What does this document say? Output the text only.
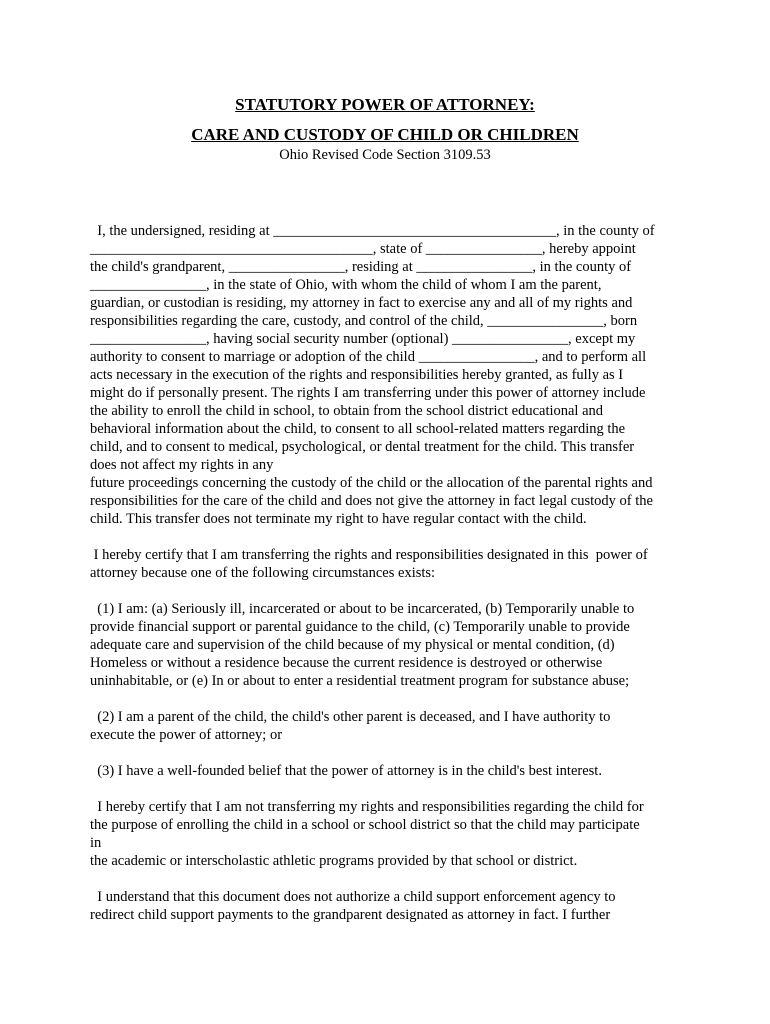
STATUTORY POWER OF ATTORNEY:

CARE AND CUSTODY OF CHILD OR CHILDREN

Ohio Revised Code Section 3109.53

I, the undersigned, residing at _______________________________________, in the county of
_______________________________________, state of ________________, hereby appoint
the child's grandparent, ________________, residing at ________________, in the county of
________________, in the state of Ohio, with whom the child of whom I am the parent,
guardian, or custodian is residing, my attorney in fact to exercise any and all of my rights and
responsibilities regarding the care, custody, and control of the child, ________________, born
________________, having social security number (optional) ________________, except my
authority to consent to marriage or adoption of the child ________________, and to perform all
acts necessary in the execution of the rights and responsibilities hereby granted, as fully as I
might do if personally present. The rights I am transferring under this power of attorney include
the ability to enroll the child in school, to obtain from the school district educational and
behavioral information about the child, to consent to all school-related matters regarding the
child, and to consent to medical, psychological, or dental treatment for the child. This transfer
does not affect my rights in any
future proceedings concerning the custody of the child or the allocation of the parental rights and
responsibilities for the care of the child and does not give the attorney in fact legal custody of the
child. This transfer does not terminate my right to have regular contact with the child.
I hereby certify that I am transferring the rights and responsibilities designated in this  power of
attorney because one of the following circumstances exists:
(1) I am: (a) Seriously ill, incarcerated or about to be incarcerated, (b) Temporarily unable to
provide financial support or parental guidance to the child, (c) Temporarily unable to provide
adequate care and supervision of the child because of my physical or mental condition, (d)
Homeless or without a residence because the current residence is destroyed or otherwise
uninhabitable, or (e) In or about to enter a residential treatment program for substance abuse;
(2) I am a parent of the child, the child's other parent is deceased, and I have authority to
execute the power of attorney; or
(3) I have a well-founded belief that the power of attorney is in the child's best interest.
I hereby certify that I am not transferring my rights and responsibilities regarding the child for
the purpose of enrolling the child in a school or school district so that the child may participate
in
the academic or interscholastic athletic programs provided by that school or district.
I understand that this document does not authorize a child support enforcement agency to
redirect child support payments to the grandparent designated as attorney in fact. I further
